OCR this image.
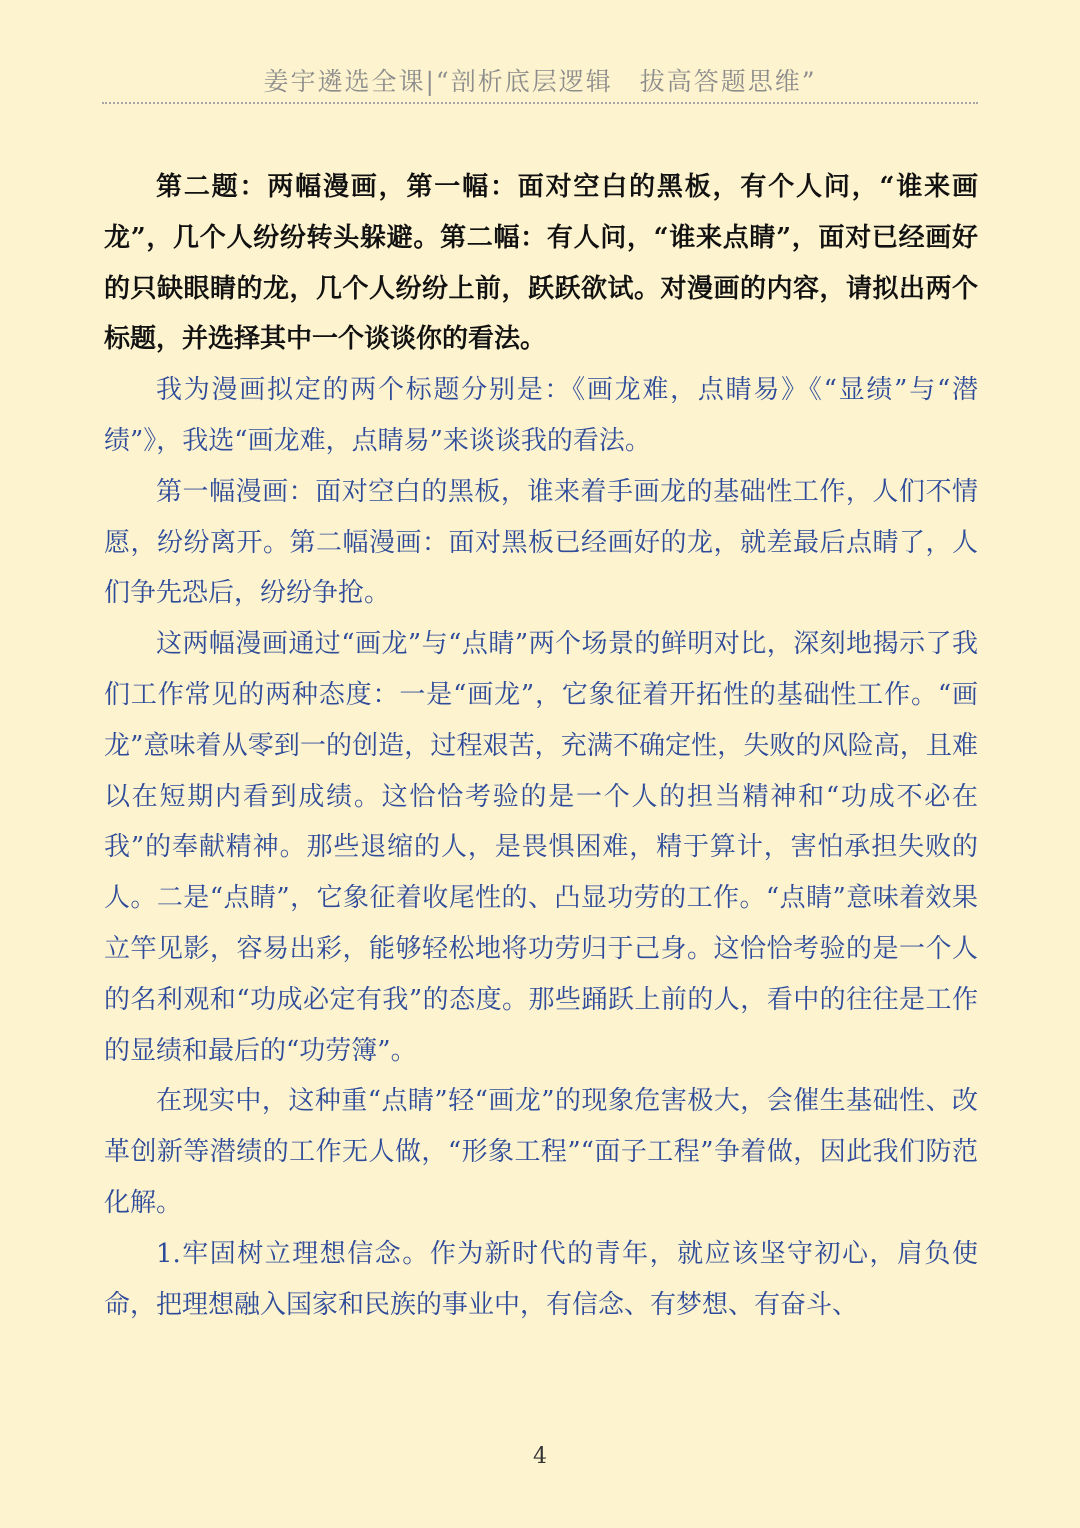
姜宇遴选全课|“剖析底层逻辑　拔高答题思维”

第二题：两幅漫画，第一幅：面对空白的黑板，有个人问，“谁来画龙”，几个人纷纷转头躲避。第二幅：有人问，“谁来点睛”，面对已经画好的只缺眼睛的龙，几个人纷纷上前，跃跃欲试。对漫画的内容，请拟出两个标题，并选择其中一个谈谈你的看法。

我为漫画拟定的两个标题分别是：《画龙难，点睛易》《“显绩”与“潜绩”》，我选“画龙难，点睛易”来谈谈我的看法。

第一幅漫画：面对空白的黑板，谁来着手画龙的基础性工作，人们不情愿，纷纷离开。第二幅漫画：面对黑板已经画好的龙，就差最后点睛了，人们争先恐后，纷纷争抢。

这两幅漫画通过“画龙”与“点睛”两个场景的鲜明对比，深刻地揭示了我们工作常见的两种态度：一是“画龙”，它象征着开拓性的基础性工作。“画龙”意味着从零到一的创造，过程艰苦，充满不确定性，失败的风险高，且难以在短期内看到成绩。这恰恰考验的是一个人的担当精神和“功成不必在我”的奉献精神。那些退缩的人，是畏惧困难，精于算计，害怕承担失败的人。二是“点睛”，它象征着收尾性的、凸显功劳的工作。“点睛”意味着效果立竿见影，容易出彩，能够轻松地将功劳归于己身。这恰恰考验的是一个人的名利观和“功成必定有我”的态度。那些踊跃上前的人，看中的往往是工作的显绩和最后的“功劳簿”。

在现实中，这种重“点睛”轻“画龙”的现象危害极大，会催生基础性、改革创新等潜绩的工作无人做，“形象工程”“面子工程”争着做，因此我们防范化解。

1.牢固树立理想信念。作为新时代的青年，就应该坚守初心，肩负使命，把理想融入国家和民族的事业中，有信念、有梦想、有奋斗、

4
